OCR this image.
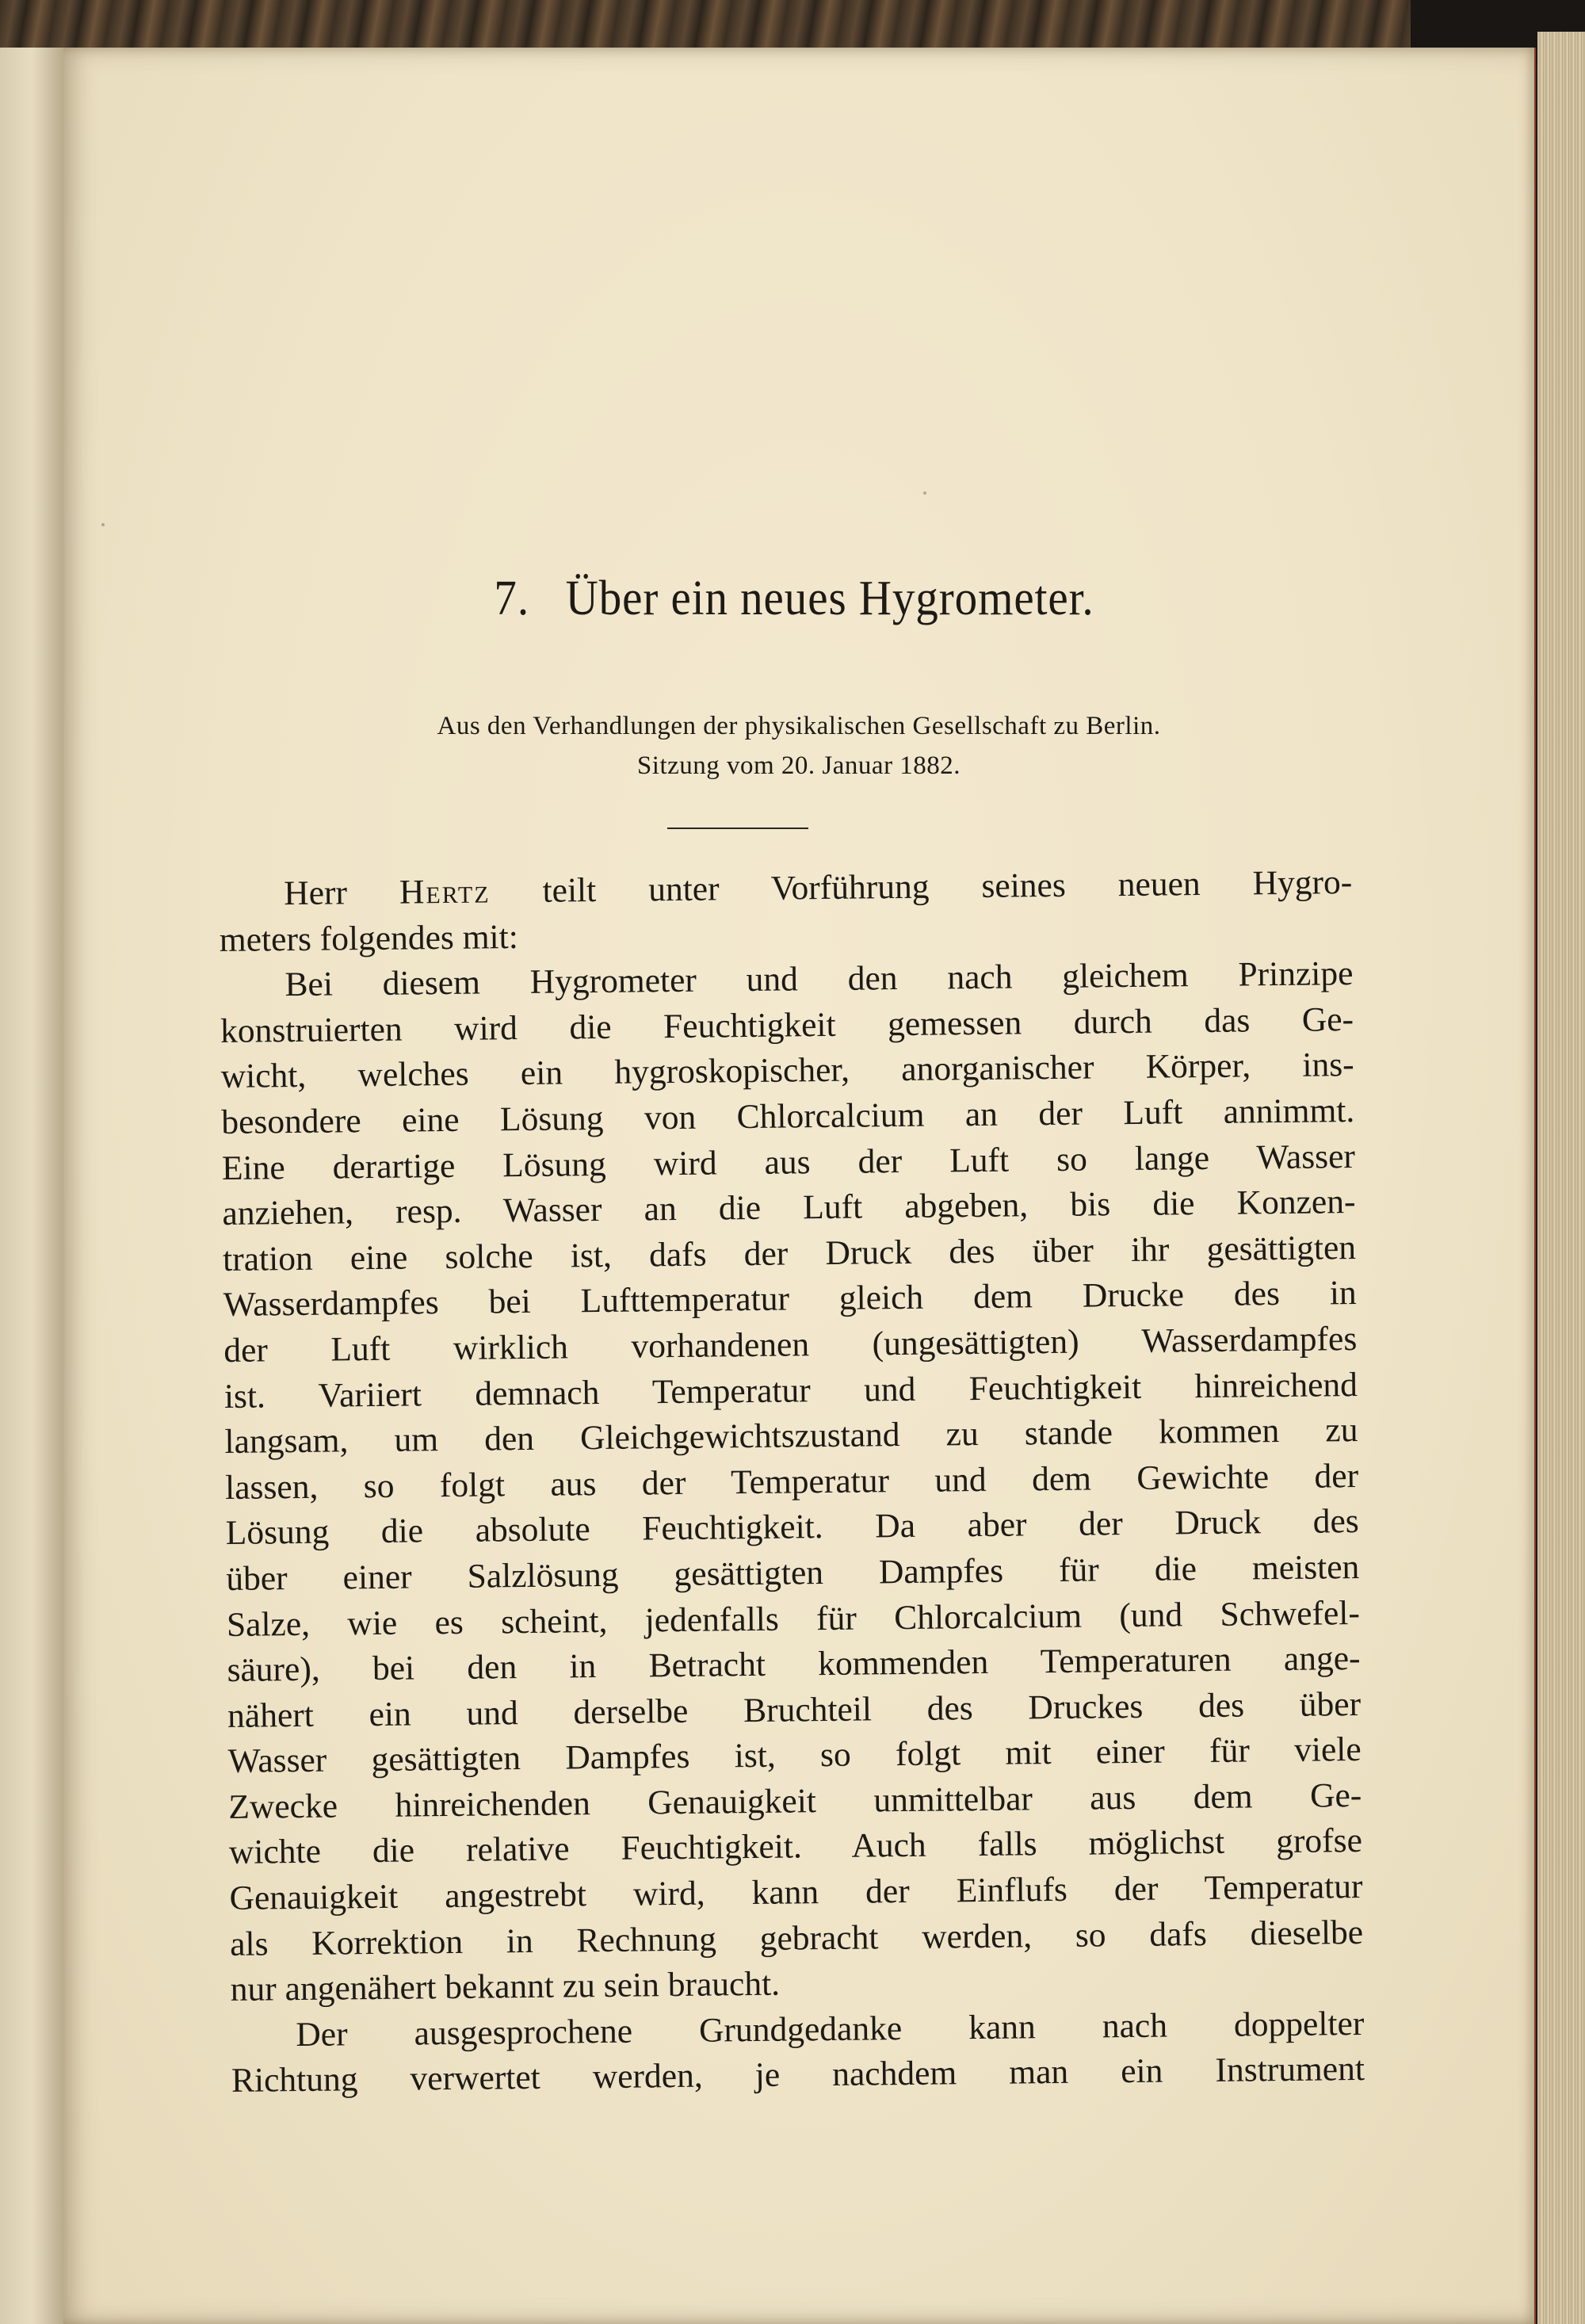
7. Über ein neues Hygrometer.
Aus den Verhandlungen der physikalischen Gesellschaft zu Berlin.
Sitzung vom 20. Januar 1882.
Herr Hertz teilt unter Vorführung seines neuen Hygro-
meters folgendes mit:
Bei diesem Hygrometer und den nach gleichem Prinzipe
konstruierten wird die Feuchtigkeit gemessen durch das Ge-
wicht, welches ein hygroskopischer, anorganischer Körper, ins-
besondere eine Lösung von Chlorcalcium an der Luft annimmt.
Eine derartige Lösung wird aus der Luft so lange Wasser
anziehen, resp. Wasser an die Luft abgeben, bis die Konzen-
tration eine solche ist, dafs der Druck des über ihr gesättigten
Wasserdampfes bei Lufttemperatur gleich dem Drucke des in
der Luft wirklich vorhandenen (ungesättigten) Wasserdampfes
ist. Variiert demnach Temperatur und Feuchtigkeit hinreichend
langsam, um den Gleichgewichtszustand zu stande kommen zu
lassen, so folgt aus der Temperatur und dem Gewichte der
Lösung die absolute Feuchtigkeit. Da aber der Druck des
über einer Salzlösung gesättigten Dampfes für die meisten
Salze, wie es scheint, jedenfalls für Chlorcalcium (und Schwefel-
säure), bei den in Betracht kommenden Temperaturen ange-
nähert ein und derselbe Bruchteil des Druckes des über
Wasser gesättigten Dampfes ist, so folgt mit einer für viele
Zwecke hinreichenden Genauigkeit unmittelbar aus dem Ge-
wichte die relative Feuchtigkeit. Auch falls möglichst grofse
Genauigkeit angestrebt wird, kann der Einflufs der Temperatur
als Korrektion in Rechnung gebracht werden, so dafs dieselbe
nur angenähert bekannt zu sein braucht.
Der ausgesprochene Grundgedanke kann nach doppelter
Richtung verwertet werden, je nachdem man ein Instrument
